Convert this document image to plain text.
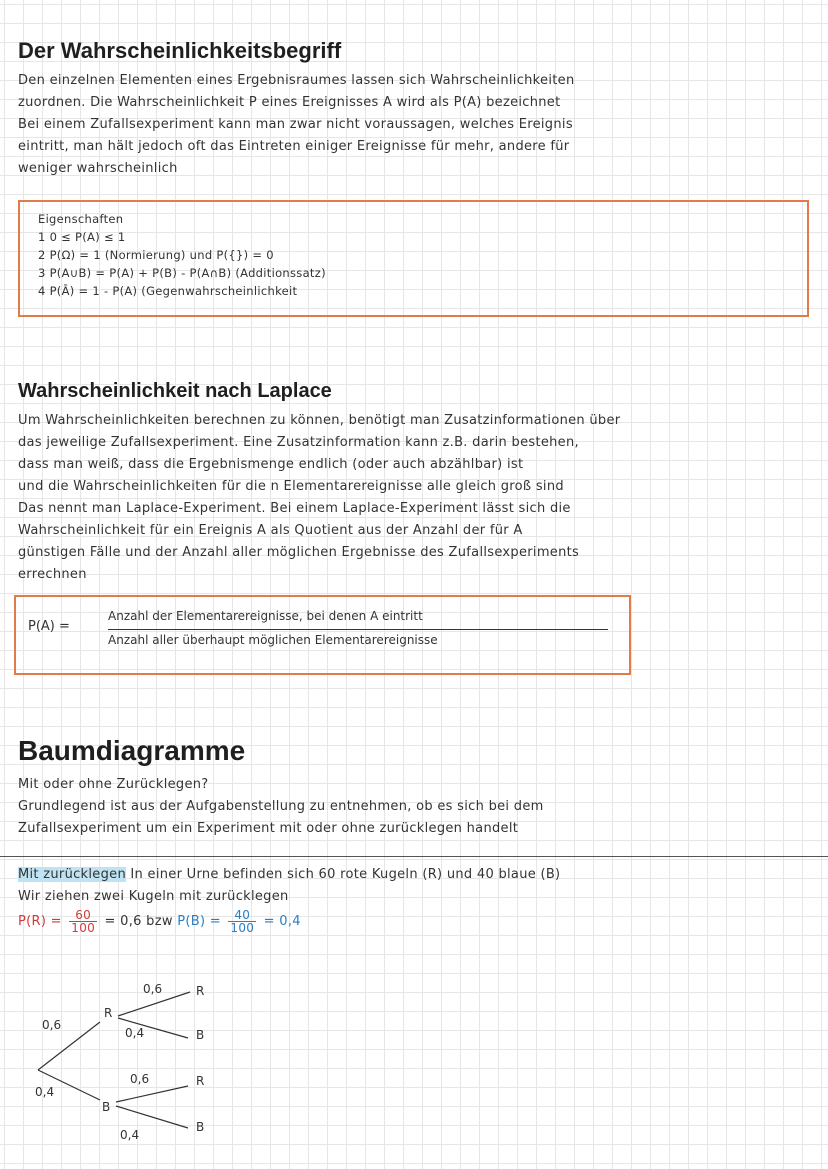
Der Wahrscheinlichkeitsbegriff
Den einzelnen Elementen eines Ergebnisraumes lassen sich Wahrscheinlichkeiten
zuordnen. Die Wahrscheinlichkeit P eines Ereignisses A wird als P(A) bezeichnet
Bei einem Zufallsexperiment kann man zwar nicht voraussagen, welches Ereignis
eintritt, man hält jedoch oft das Eintreten einiger Ereignisse für mehr, andere für
weniger wahrscheinlich
Eigenschaften
1 0 ≤ P(A) ≤ 1
2 P(Ω) = 1 (Normierung) und P({}) = 0
3 P(A∪B) = P(A) + P(B) - P(A∩B) (Additionssatz)
4 P(Ā) = 1 - P(A) (Gegenwahrscheinlichkeit
Wahrscheinlichkeit nach Laplace
Um Wahrscheinlichkeiten berechnen zu können, benötigt man Zusatzinformationen über
das jeweilige Zufallsexperiment. Eine Zusatzinformation kann z.B. darin bestehen,
dass man weiß, dass die Ergebnismenge endlich (oder auch abzählbar) ist
und die Wahrscheinlichkeiten für die n Elementarereignisse alle gleich groß sind
Das nennt man Laplace-Experiment. Bei einem Laplace-Experiment lässt sich die
Wahrscheinlichkeit für ein Ereignis A als Quotient aus der Anzahl der für A
günstigen Fälle und der Anzahl aller möglichen Ergebnisse des Zufallsexperiments
errechnen
P(A) =
Anzahl der Elementarereignisse, bei denen A eintritt
Anzahl aller überhaupt möglichen Elementarereignisse
Baumdiagramme
Mit oder ohne Zurücklegen?
Grundlegend ist aus der Aufgabenstellung zu entnehmen, ob es sich bei dem
Zufallsexperiment um ein Experiment mit oder ohne zurücklegen handelt
Mit zurücklegen In einer Urne befinden sich 60 rote Kugeln (R) und 40 blaue (B)
Wir ziehen zwei Kugeln mit zurücklegen
$P(R) = \frac{60}{100} = 0,6$ bzw $P(B) = \frac{40}{100} = 0,4$
0,6
0,4
R
B
0,6	R
0,4	B
0,6	R
0,4
B
